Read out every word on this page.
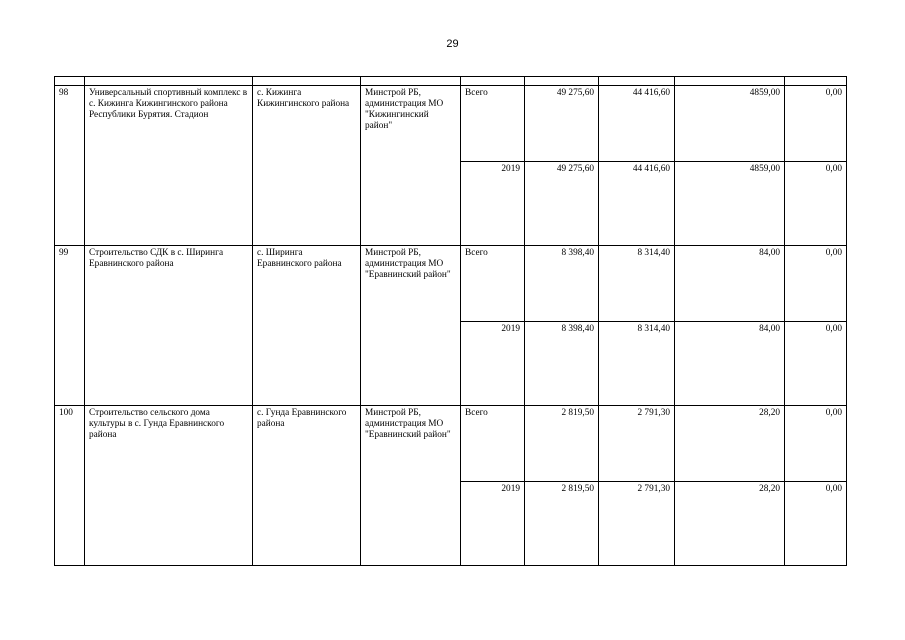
29

98	Универсальный спортивный комплекс в с. Кижинга Кижингинского района Республики Бурятия. Стадион	с. Кижинга Кижингинского района	Минстрой РБ, администрация МО "Кижингинский район"	Всего	49 275,60	44 416,60	4859,00	0,00
				2019	49 275,60	44 416,60	4859,00	0,00
99	Строительство СДК в с. Ширинга Еравнинского района	с. Ширинга Еравнинского района	Минстрой РБ, администрация МО "Еравнинский район"	Всего	8 398,40	8 314,40	84,00	0,00
				2019	8 398,40	8 314,40	84,00	0,00
100	Строительство сельского дома культуры в с. Гунда Еравнинского района	с. Гунда Еравнинского района	Минстрой РБ, администрация МО "Еравнинский район"	Всего	2 819,50	2 791,30	28,20	0,00
				2019	2 819,50	2 791,30	28,20	0,00
